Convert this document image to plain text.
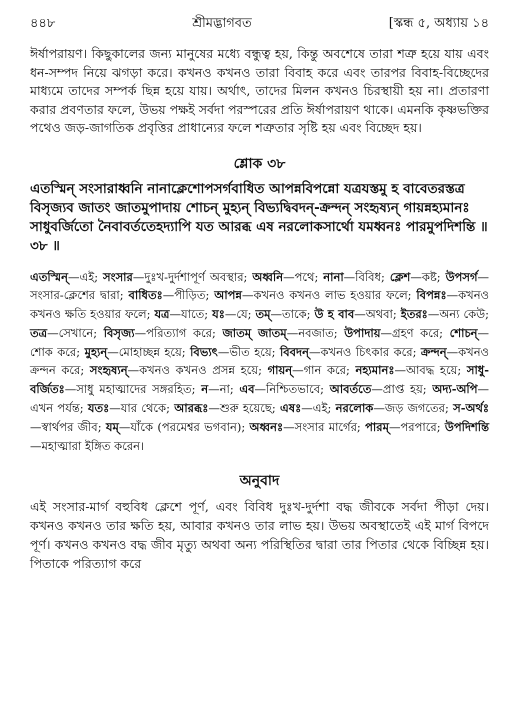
৪৪৮	শ্রীমদ্ভাগবত	[স্কন্ধ ৫, অধ্যায় ১৪

ঈর্ষাপরায়ণ। কিছুকালের জন্য মানুষের মধ্যে বন্ধুত্ব হয়, কিন্তু অবশেষে তারা শত্রু হয়ে যায় এবং ধন-সম্পদ নিয়ে ঝগড়া করে। কখনও কখনও তারা বিবাহ করে এবং তারপর বিবাহ-বিচ্ছেদের মাধ্যমে তাদের সম্পর্ক ছিন্ন হয়ে যায়। অর্থাৎ, তাদের মিলন কখনও চিরস্থায়ী হয় না। প্রতারণা করার প্রবণতার ফলে, উভয় পক্ষই সর্বদা পরস্পরের প্রতি ঈর্ষাপরায়ণ থাকে। এমনকি কৃষ্ণভক্তির পথেও জড়-জাগতিক প্রবৃত্তির প্রাধান্যের ফলে শত্রুতার সৃষ্টি হয় এবং বিচ্ছেদ হয়।

শ্লোক ৩৮

এতস্মিন্ সংসারাধ্বনি নানাক্লেশোপসর্গবাধিত আপন্নবিপন্নো যত্রযস্তমু হ বাবেতরস্তত্র বিসৃজ্যব জাতং জাতমুপাদায় শোচন্ মুহ্যন্ বিভ্যদ্বিবদন্-ক্রন্দন্ সংহৃষ্যন্ গায়ন্নহ্যমানঃ সাধুবর্জিতো নৈবাবর্ততেহদ্যাপি যত আরব্ধ এষ নরলোকসার্থো যমধ্বনঃ পারমুপদিশন্তি ॥ ৩৮ ॥

এতস্মিন্—এই; সংসার—দুঃখ-দুর্দশাপূর্ণ অবস্থার; অধ্বনি—পথে; নানা—বিবিধ; ক্লেশ—কষ্ট; উপসর্গ—সংসার-ক্লেশের দ্বারা; বাধিতঃ—পীড়িত; আপন্ন—কখনও কখনও লাভ হওয়ার ফলে; বিপন্নঃ—কখনও কখনও ক্ষতি হওয়ার ফলে; যত্র—যাতে; যঃ—যে; তম্—তাকে; উ হ বাব—অথবা; ইতরঃ—অন্য কেউ; তত্র—সেখানে; বিসৃজ্য—পরিত্যাগ করে; জাতম্ জাতম্—নবজাত; উপাদায়—গ্রহণ করে; শোচন্—শোক করে; মুহ্যন্—মোহাচ্ছন্ন হয়ে; বিভ্যৎ—ভীত হয়ে; বিবদন্—কখনও চিৎকার করে; ক্রন্দন্—কখনও ক্রন্দন করে; সংহৃষ্যন্—কখনও কখনও প্রসন্ন হয়ে; গায়ন্—গান করে; নহ্যমানঃ—আবদ্ধ হয়ে; সাধু-বর্জিতঃ—সাধু মহাত্মাদের সঙ্গরহিত; ন—না; এব—নিশ্চিতভাবে; আবর্ততে—প্রাপ্ত হয়; অদ্য-অপি—এখন পর্যন্ত; যতঃ—যার থেকে; আরব্ধঃ—শুরু হয়েছে; এষঃ—এই; নরলোক—জড় জগতের; স-অর্থঃ—স্বার্থপর জীব; যম্—যাঁকে (পরমেশ্বর ভগবান); অধ্বনঃ—সংসার মার্গের; পারম্—পরপারে; উপদিশন্তি—মহাত্মারা ইঙ্গিত করেন।

অনুবাদ

এই সংসার-মার্গ বহুবিধ ক্লেশে পূর্ণ, এবং বিবিধ দুঃখ-দুর্দশা বদ্ধ জীবকে সর্বদা পীড়া দেয়। কখনও কখনও তার ক্ষতি হয়, আবার কখনও তার লাভ হয়। উভয় অবস্থাতেই এই মার্গ বিপদে পূর্ণ। কখনও কখনও বদ্ধ জীব মৃত্যু অথবা অন্য পরিস্থিতির দ্বারা তার পিতার থেকে বিচ্ছিন্ন হয়। পিতাকে পরিত্যাগ করে
